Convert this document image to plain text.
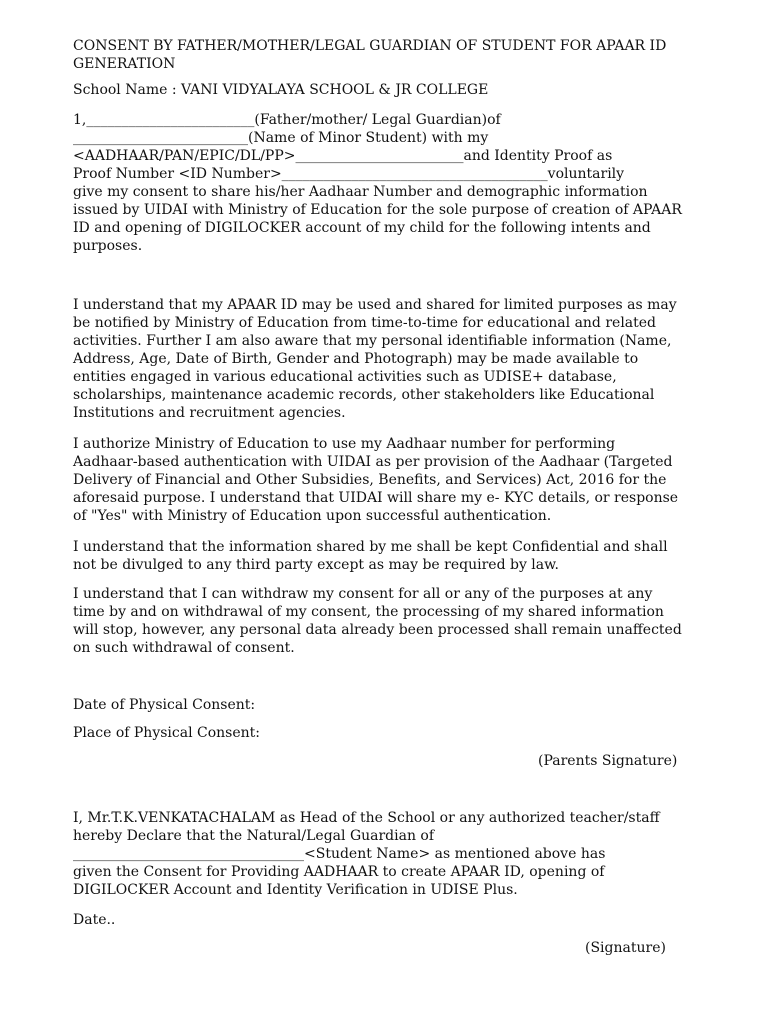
CONSENT BY FATHER/MOTHER/LEGAL GUARDIAN OF STUDENT FOR APAAR ID
GENERATION

School Name : VANI VIDYALAYA SCHOOL & JR COLLEGE

1,________________________(Father/mother/ Legal Guardian)of
_________________________(Name of Minor Student) with my
<AADHAAR/PAN/EPIC/DL/PP>________________________and Identity Proof as
Proof Number <ID Number>______________________________________voluntarily
give my consent to share his/her Aadhaar Number and demographic information
issued by UIDAI with Ministry of Education for the sole purpose of creation of APAAR
ID and opening of DIGILOCKER account of my child for the following intents and
purposes.

I understand that my APAAR ID may be used and shared for limited purposes as may
be notified by Ministry of Education from time-to-time for educational and related
activities. Further I am also aware that my personal identifiable information (Name,
Address, Age, Date of Birth, Gender and Photograph) may be made available to
entities engaged in various educational activities such as UDISE+ database,
scholarships, maintenance academic records, other stakeholders like Educational
Institutions and recruitment agencies.

I authorize Ministry of Education to use my Aadhaar number for performing
Aadhaar-based authentication with UIDAI as per provision of the Aadhaar (Targeted
Delivery of Financial and Other Subsidies, Benefits, and Services) Act, 2016 for the
aforesaid purpose. I understand that UIDAI will share my e- KYC details, or response
of "Yes" with Ministry of Education upon successful authentication.

I understand that the information shared by me shall be kept Confidential and shall
not be divulged to any third party except as may be required by law.

I understand that I can withdraw my consent for all or any of the purposes at any
time by and on withdrawal of my consent, the processing of my shared information
will stop, however, any personal data already been processed shall remain unaffected
on such withdrawal of consent.

Date of Physical Consent:

Place of Physical Consent:

(Parents Signature)

I, Mr.T.K.VENKATACHALAM as Head of the School or any authorized teacher/staff
hereby Declare that the Natural/Legal Guardian of
_________________________________<Student Name> as mentioned above has
given the Consent for Providing AADHAAR to create APAAR ID, opening of
DIGILOCKER Account and Identity Verification in UDISE Plus.

Date..

(Signature)
